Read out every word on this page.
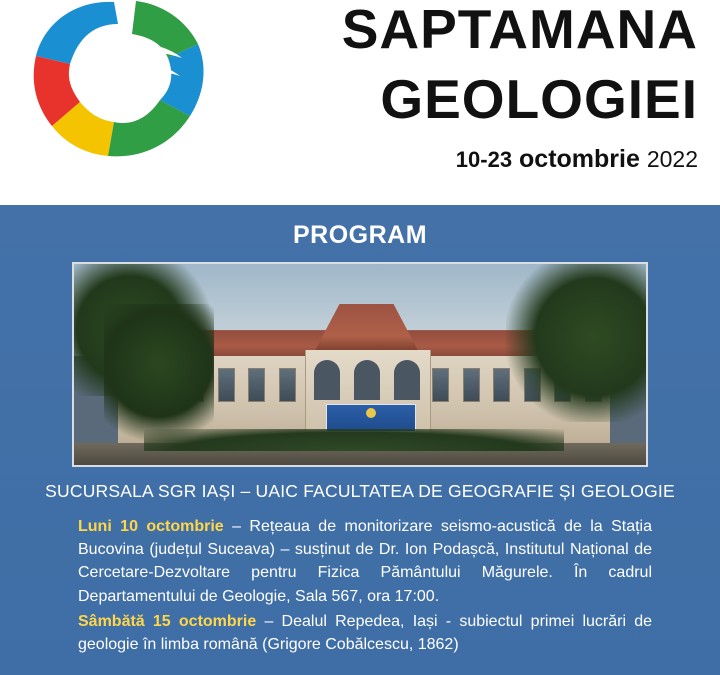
SAPTAMANA
GEOLOGIEI
10-23 octombrie 2022
PROGRAM
SUCURSALA SGR IAȘI – UAIC FACULTATEA DE GEOGRAFIE ȘI GEOLOGIE
Luni 10 octombrie – Rețeaua de monitorizare seismo-acustică de la Stația Bucovina (județul Suceava) – susținut de Dr. Ion Podașcă, Institutul Național de Cercetare-Dezvoltare pentru Fizica Pământului Măgurele. În cadrul Departamentului de Geologie, Sala 567, ora 17:00.
Sâmbătă 15 octombrie – Dealul Repedea, Iași - subiectul primei lucrări de geologie în limba română (Grigore Cobălcescu, 1862)
